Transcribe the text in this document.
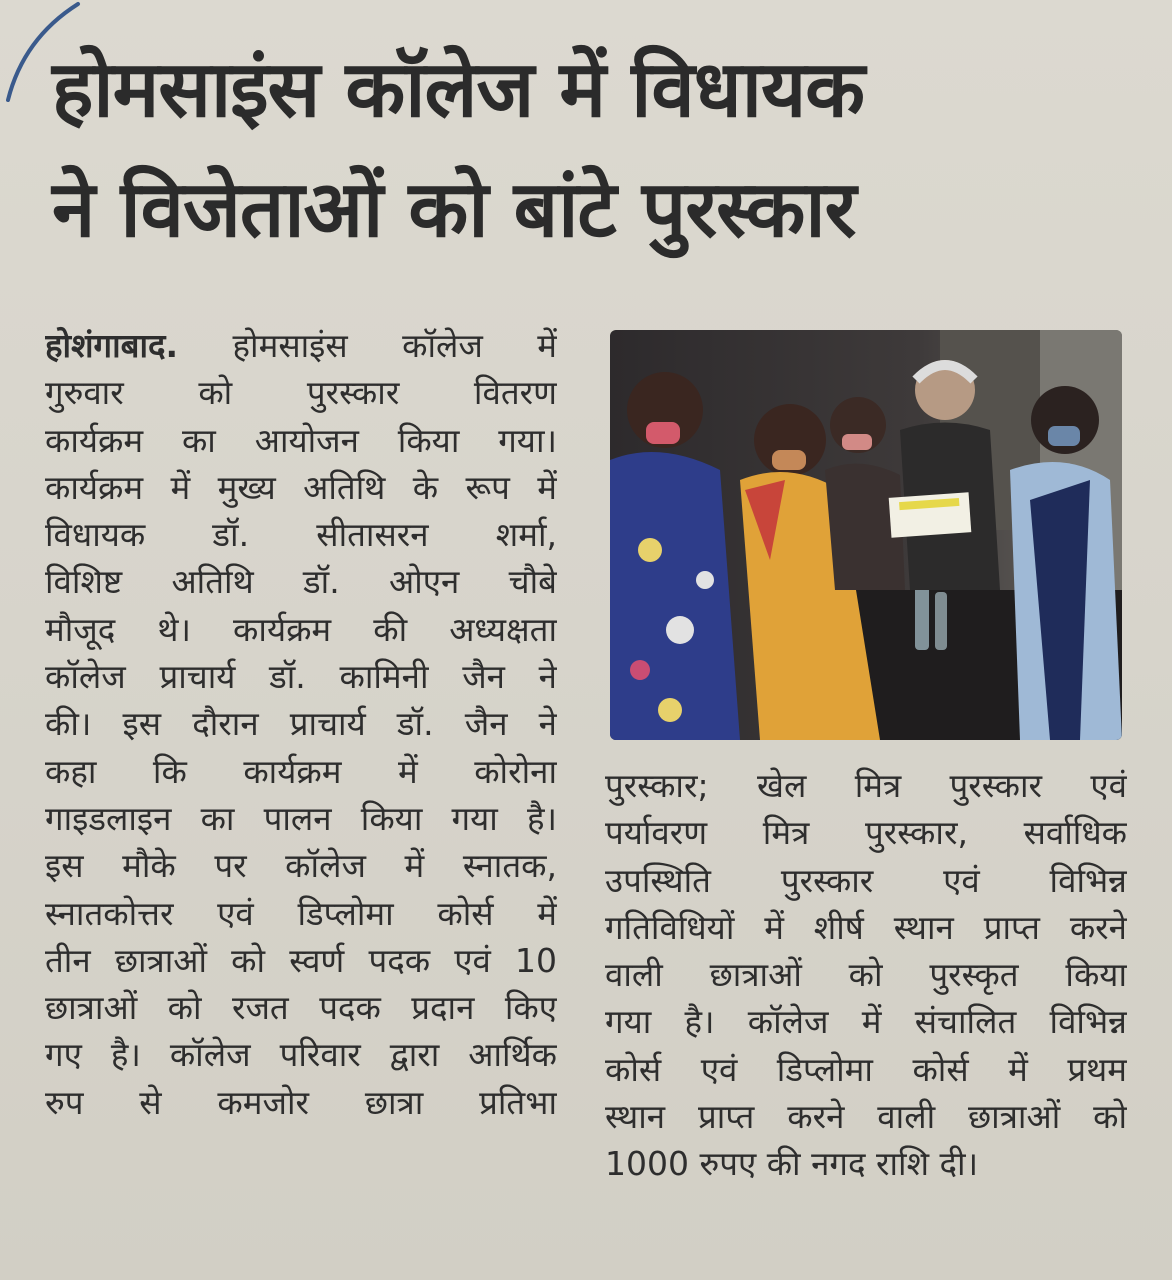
होमसाइंस कॉलेज में विधायक
ने विजेताओं को बांटे पुरस्कार
होशंगाबाद. होमसाइंस कॉलेज में
गुरुवार को पुरस्कार वितरण
कार्यक्रम का आयोजन किया गया।
कार्यक्रम में मुख्य अतिथि के रूप में
विधायक डॉ. सीतासरन शर्मा,
विशिष्ट अतिथि डॉ. ओएन चौबे
मौजूद थे। कार्यक्रम की अध्यक्षता
कॉलेज प्राचार्य डॉ. कामिनी जैन ने
की। इस दौरान प्राचार्य डॉ. जैन ने
कहा कि कार्यक्रम में कोरोना
गाइडलाइन का पालन किया गया है।
इस मौके पर कॉलेज में स्नातक,
स्नातकोत्तर एवं डिप्लोमा कोर्स में
तीन छात्राओं को स्वर्ण पदक एवं 10
छात्राओं को रजत पदक प्रदान किए
गए है। कॉलेज परिवार द्वारा आर्थिक
रुप से कमजोर छात्रा प्रतिभा
पुरस्कार; खेल मित्र पुरस्कार एवं
पर्यावरण मित्र पुरस्कार, सर्वाधिक
उपस्थिति पुरस्कार एवं विभिन्न
गतिविधियों में शीर्ष स्थान प्राप्त करने
वाली छात्राओं को पुरस्कृत किया
गया है। कॉलेज में संचालित विभिन्न
कोर्स एवं डिप्लोमा कोर्स में प्रथम
स्थान प्राप्त करने वाली छात्राओं को
1000 रुपए की नगद राशि दी।
